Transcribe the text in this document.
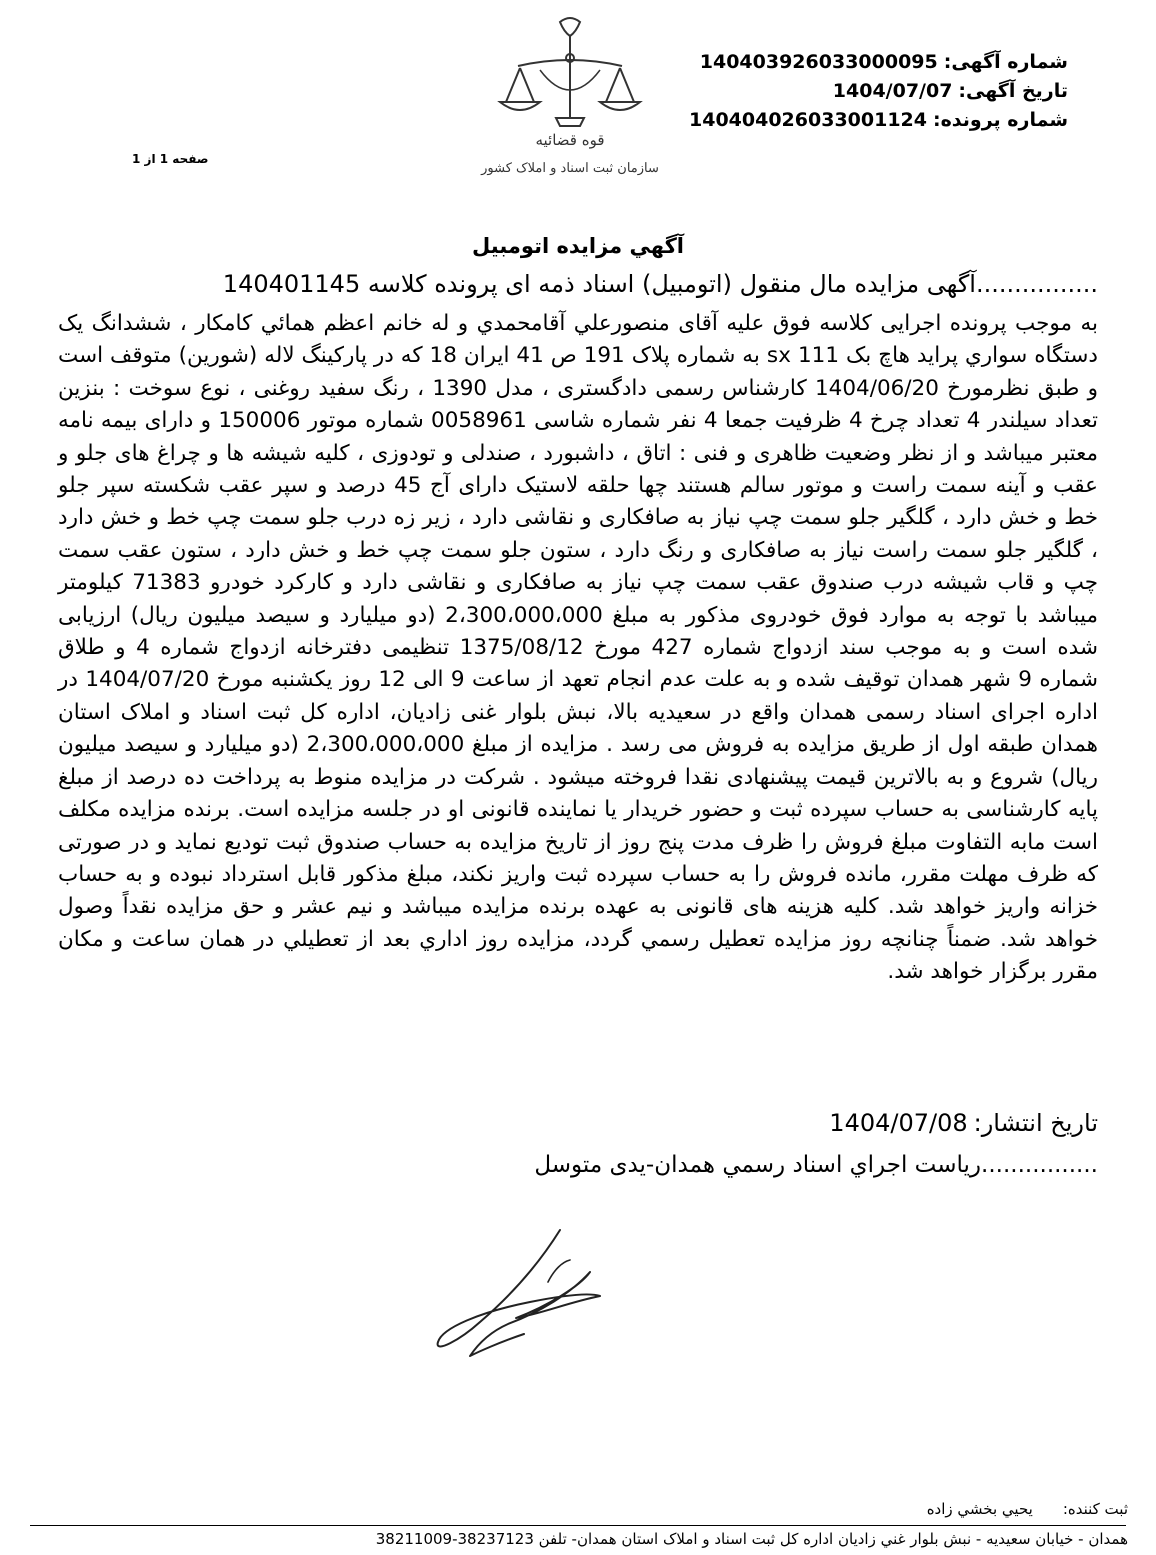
شماره آگهی:140403926033000095
تاریخ آگهی:1404/07/07
شماره پرونده:140404026033001124
صفحه 1 از 1
قوه قضائیه
سازمان ثبت اسناد و املاک کشور
آگهي مزايده اتومبيل
................آگهی مزایده مال منقول (اتومبیل) اسناد ذمه ای پرونده کلاسه 140401145
به موجب پرونده اجرایی کلاسه فوق علیه آقای منصورعلي آقامحمدي و له خانم اعظم همائي کامکار ، ششدانگ یک دستگاه سواري پراید هاچ بک 111 sx به شماره پلاک 191 ص 41 ایران 18 که در پارکینگ لاله (شورین) متوقف است و طبق نظرمورخ 1404/06/20 کارشناس رسمی دادگستری ، مدل 1390 ، رنگ سفید روغنی ، نوع سوخت : بنزین تعداد سیلندر 4 تعداد چرخ 4 ظرفیت جمعا 4 نفر شماره شاسی 0058961 شماره موتور 150006 و دارای بیمه نامه معتبر میباشد و از نظر وضعیت ظاهری و فنی : اتاق ، داشبورد ، صندلی و تودوزی ، کلیه شیشه ها و چراغ های جلو و عقب و آینه سمت راست و موتور سالم هستند چها حلقه لاستیک دارای آج 45 درصد و سپر عقب شکسته سپر جلو خط و خش دارد ، گلگیر جلو سمت چپ نیاز به صافکاری و نقاشی دارد ، زیر زه درب جلو سمت چپ خط و خش دارد ، گلگیر جلو سمت راست نیاز به صافکاری و رنگ دارد ، ستون جلو سمت چپ خط و خش دارد ، ستون عقب سمت چپ و قاب شیشه درب صندوق عقب سمت چپ نیاز به صافکاری و نقاشی دارد و کارکرد خودرو 71383 کیلومتر میباشد با توجه به موارد فوق خودروی مذکور به مبلغ 2،300،000،000 (دو میلیارد و سیصد میلیون ریال) ارزیابی شده است و به موجب سند ازدواج شماره 427 مورخ 1375/08/12 تنظیمی دفترخانه ازدواج شماره 4 و طلاق شماره 9 شهر همدان توقیف شده و به علت عدم انجام تعهد از ساعت 9 الی 12 روز یکشنبه مورخ 1404/07/20 در اداره اجرای اسناد رسمی همدان واقع در سعیدیه بالا، نبش بلوار غنی زادیان، اداره کل ثبت اسناد و املاک استان همدان طبقه اول از طریق مزایده به فروش می رسد . مزایده از مبلغ 2،300،000،000 (دو میلیارد و سیصد میلیون ریال) شروع و به بالاترین قیمت پیشنهادی نقدا فروخته میشود . شرکت در مزایده منوط به پرداخت ده درصد از مبلغ پایه کارشناسی به حساب سپرده ثبت و حضور خریدار یا نماینده قانونی او در جلسه مزایده است. برنده مزایده مکلف است مابه التفاوت مبلغ فروش را ظرف مدت پنج روز از تاریخ مزایده به حساب صندوق ثبت تودیع نماید و در صورتی که ظرف مهلت مقرر، مانده فروش را به حساب سپرده ثبت واریز نکند، مبلغ مذکور قابل استرداد نبوده و به حساب خزانه واریز خواهد شد. کلیه هزینه های قانونی به عهده برنده مزایده میباشد و نیم عشر و حق مزایده نقداً وصول خواهد شد. ضمناً چنانچه روز مزایده تعطیل رسمي گردد، مزایده روز اداري بعد از تعطیلي در همان ساعت و مکان مقرر برگزار خواهد شد.
تاریخ انتشار:1404/07/08
................رياست اجراي اسناد رسمي همدان-يدی متوسل
ثبت کننده:يحيي بخشي زاده
همدان - خیابان سعیدیه - نبش بلوار غني زادیان اداره کل ثبت اسناد و املاک استان همدان- تلفن 38237123-38211009
